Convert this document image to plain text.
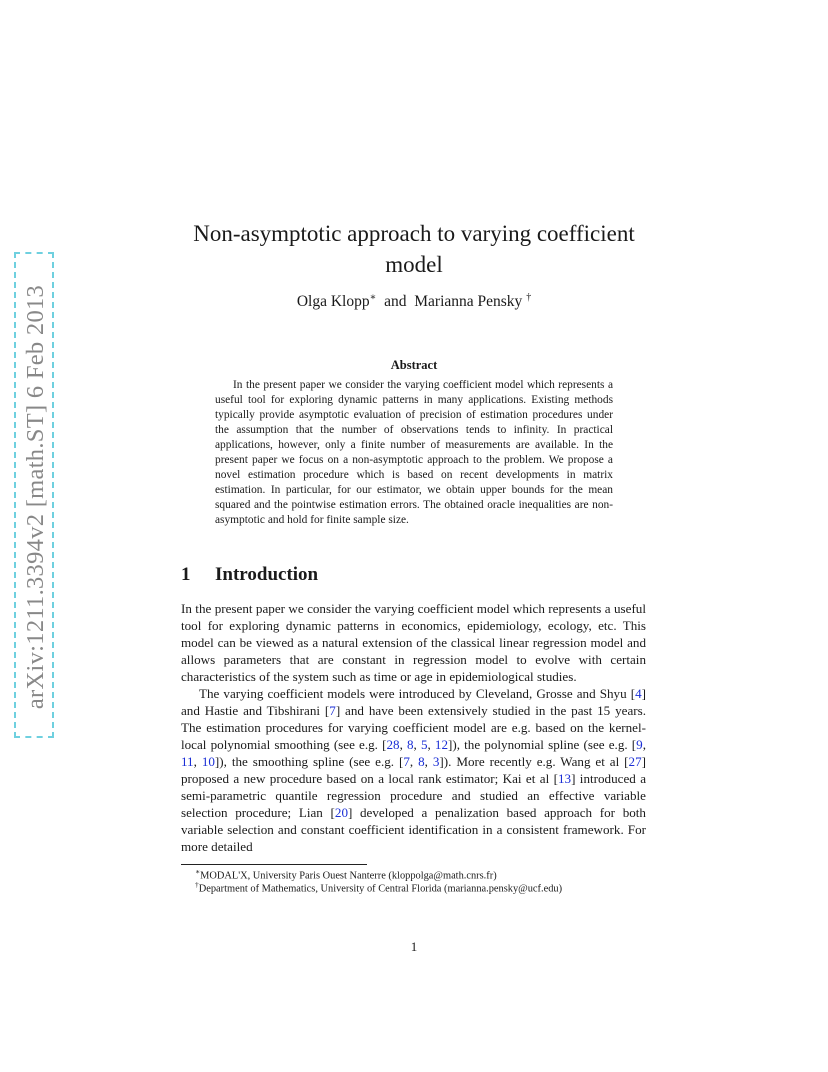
arXiv:1211.3394v2 [math.ST] 6 Feb 2013
Non-asymptotic approach to varying coefficient
model
Olga Klopp∗  and  Marianna Pensky †
Abstract
In the present paper we consider the varying coefficient model which represents a useful tool for exploring dynamic patterns in many applications. Existing methods typically provide asymptotic evaluation of precision of estimation procedures under the assumption that the number of observations tends to infinity. In practical applications, however, only a finite number of measurements are available. In the present paper we focus on a non-asymptotic approach to the problem. We propose a novel estimation procedure which is based on recent developments in matrix estimation. In particular, for our estimator, we obtain upper bounds for the mean squared and the pointwise estimation errors. The obtained oracle inequalities are non-asymptotic and hold for finite sample size.
1 Introduction

In the present paper we consider the varying coefficient model which represents a useful tool for exploring dynamic patterns in economics, epidemiology, ecology, etc. This model can be viewed as a natural extension of the classical linear regression model and allows parameters that are constant in regression model to evolve with certain characteristics of the system such as time or age in epidemiological studies.

The varying coefficient models were introduced by Cleveland, Grosse and Shyu [4] and Hastie and Tibshirani [7] and have been extensively studied in the past 15 years. The estimation procedures for varying coefficient model are e.g. based on the kernel-local polynomial smoothing (see e.g. [28, 8, 5, 12]), the polynomial spline (see e.g. [9, 11, 10]), the smoothing spline (see e.g. [7, 8, 3]). More recently e.g. Wang et al [27] proposed a new procedure based on a local rank estimator; Kai et al [13] introduced a semi-parametric quantile regression procedure and studied an effective variable selection procedure; Lian [20] developed a penalization based approach for both variable selection and constant coefficient identification in a consistent framework. For more detailed

∗MODAL'X, University Paris Ouest Nanterre (kloppolga@math.cnrs.fr)
†Department of Mathematics, University of Central Florida (marianna.pensky@ucf.edu)
1
